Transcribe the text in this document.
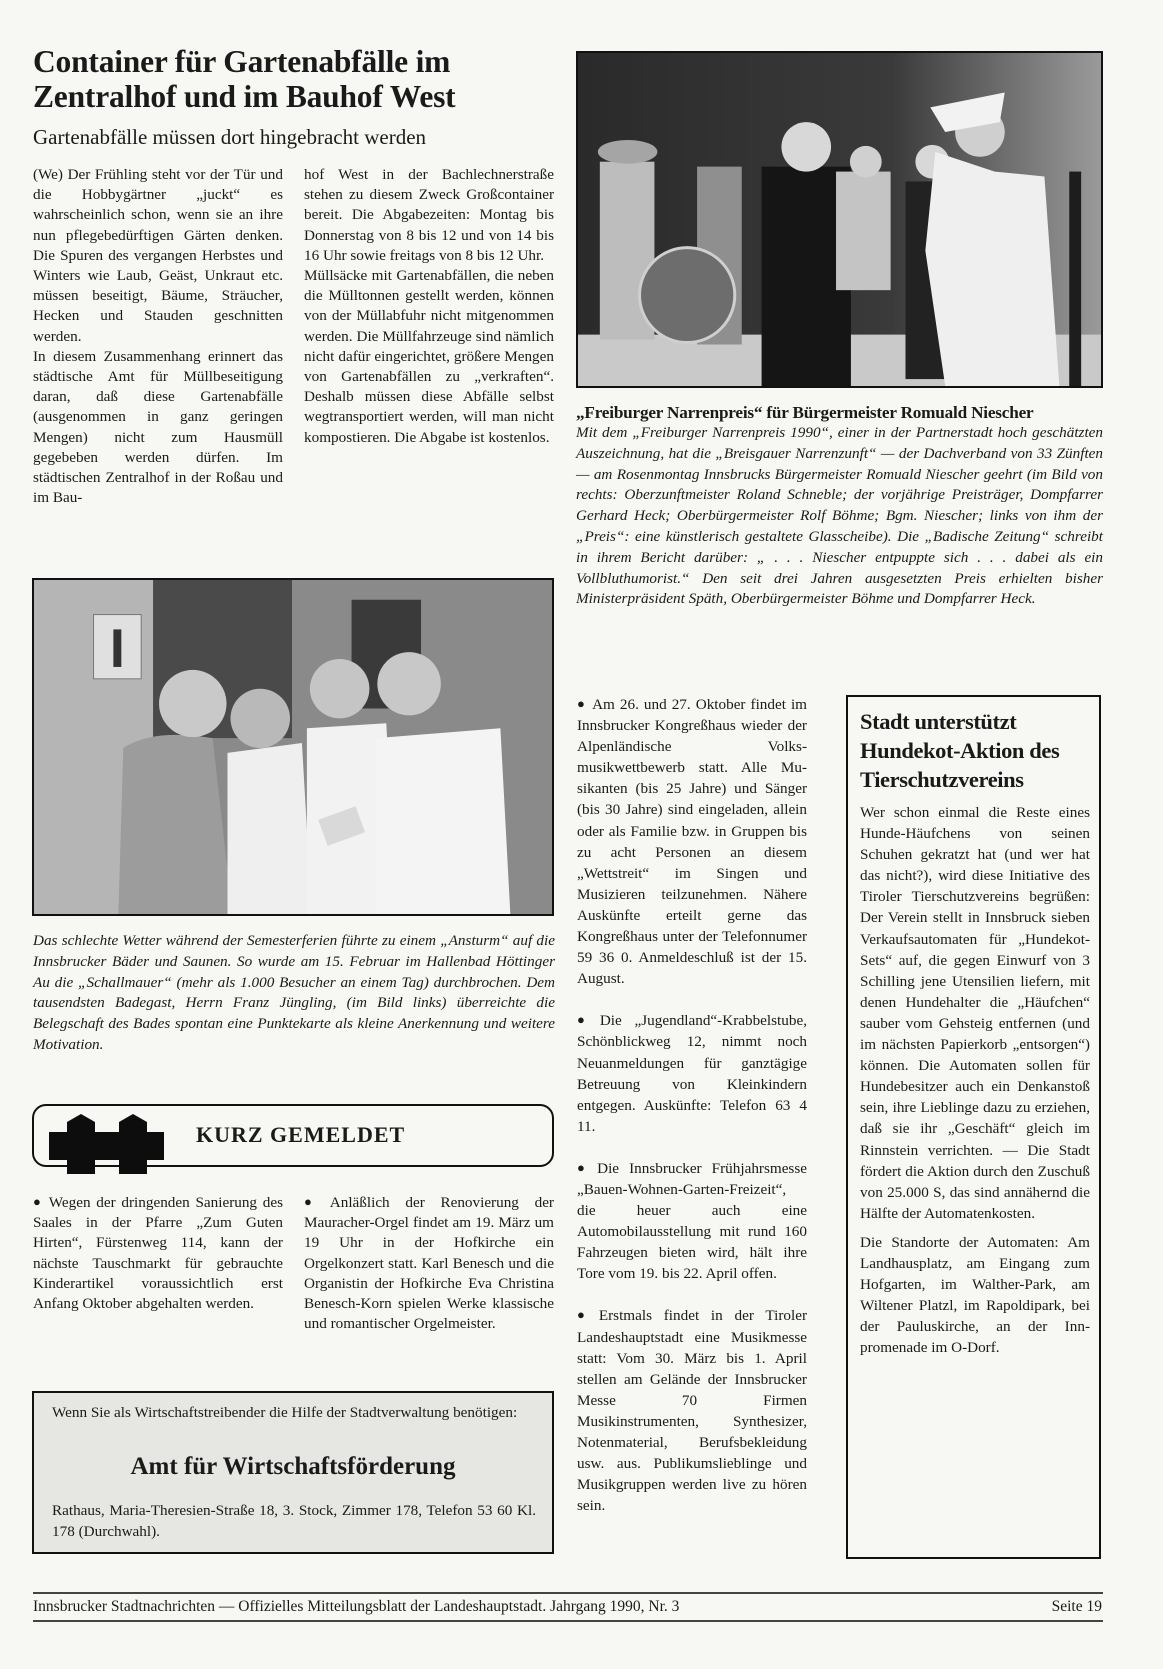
Container für Gartenabfälle im Zentralhof und im Bauhof West
Gartenabfälle müssen dort hingebracht werden

(We) Der Frühling steht vor der Tür und die Hobbygärtner „juckt“ es wahrscheinlich schon, wenn sie an ihre nun pflegebedürftigen Gärten denken. Die Spuren des vergangen Herbstes und Winters wie Laub, Geäst, Unkraut etc. müssen beseitigt, Bäume, Sträucher, Hecken und Stauden geschnitten werden.

In diesem Zusammenhang erinnert das städtische Amt für Müllbeseitigung daran, daß diese Gartenabfälle (ausgenommen in ganz geringen Mengen) nicht zum Hausmüll gegebeben werden dürfen. Im städtischen Zentralhof in der Roßau und im Bau-

hof West in der Bachlechnerstraße stehen zu diesem Zweck Großcontainer bereit. Die Abgabezeiten: Montag bis Donnerstag von 8 bis 12 und von 14 bis 16 Uhr sowie freitags von 8 bis 12 Uhr.

Müllsäcke mit Gartenabfällen, die neben die Mülltonnen gestellt werden, können von der Müllabfuhr nicht mitgenommen werden. Die Müllfahrzeuge sind nämlich nicht dafür eingerichtet, größere Mengen von Gartenabfällen zu „verkraften“. Deshalb müssen diese Abfälle selbst wegtransportiert werden, will man nicht kompostieren. Die Abgabe ist kostenlos.

„Freiburger Narrenpreis“ für Bürgermeister Romuald Niescher
Mit dem „Freiburger Narrenpreis 1990“, einer in der Partnerstadt hoch geschätzten Auszeichnung, hat die „Breisgauer Narrenzunft“ — der Dachverband von 33 Zünften — am Rosenmontag Innsbrucks Bürgermeister Romuald Niescher geehrt (im Bild von rechts: Oberzunftmeister Roland Schneble; der vorjährige Preisträger, Dompfarrer Gerhard Heck; Oberbürgermeister Rolf Böhme; Bgm. Niescher; links von ihm der „Preis“: eine künstlerisch gestaltete Glasscheibe). Die „Badische Zeitung“ schreibt in ihrem Bericht darüber: „ . . . Niescher entpuppte sich . . . dabei als ein Vollbluthumorist.“ Den seit drei Jahren ausgesetzten Preis erhielten bisher Ministerpräsident Späth, Oberbürgermeister Böhme und Dompfarrer Heck.
Das schlechte Wetter während der Semesterferien führte zu einem „Ansturm“ auf die Innsbrucker Bäder und Saunen. So wurde am 15. Februar im Hallenbad Höttinger Au die „Schallmauer“ (mehr als 1.000 Besucher an einem Tag) durchbrochen. Dem tausendsten Badegast, Herrn Franz Jüngling, (im Bild links) überreichte die Belegschaft des Bades spontan eine Punktekarte als kleine Anerkennung und weitere Motivation.
KURZ GEMELDET
● Wegen der dringenden Sanierung des Saales in der Pfarre „Zum Guten Hirten“, Fürstenweg 114, kann der nächste Tauschmarkt für gebrauchte Kinderartikel voraussichtlich erst Anfang Oktober abgehalten werden.
● Anläßlich der Renovierung der Mauracher-Orgel findet am 19. März um 19 Uhr in der Hofkirche ein Orgelkonzert statt. Karl Benesch und die Organistin der Hofkirche Eva Christina Benesch-Korn spielen Werke klassische und romantischer Orgelmeister.
Wenn Sie als Wirtschaftstreibender die Hilfe der Stadtverwaltung benötigen:
Amt für Wirtschaftsförderung
Rathaus, Maria-Theresien-Straße 18, 3. Stock, Zimmer 178, Telefon 53 60 Kl. 178 (Durchwahl).
● Am 26. und 27. Oktober findet im Innsbrucker Kongreßhaus wieder der Alpenländische Volksmusikwettbewerb statt. Alle Musikanten (bis 25 Jahre) und Sänger (bis 30 Jahre) sind eingeladen, allein oder als Familie bzw. in Gruppen bis zu acht Personen an diesem „Wettstreit“ im Singen und Musizieren teilzunehmen. Nähere Auskünfte erteilt gerne das Kongreßhaus unter der Telefonnumer 59 36 0. Anmeldeschluß ist der 15. August.
● Die „Jugendland“-Krabbelstube, Schönblickweg 12, nimmt noch Neuanmeldungen für ganztägige Betreuung von Kleinkindern entgegen. Auskünfte: Telefon 63 4 11.
● Die Innsbrucker Frühjahrsmesse „Bauen-Wohnen-Garten-Freizeit“, die heuer auch eine Automobilausstellung mit rund 160 Fahrzeugen bieten wird, hält ihre Tore vom 19. bis 22. April offen.
● Erstmals findet in der Tiroler Landeshauptstadt eine Musikmesse statt: Vom 30. März bis 1. April stellen am Gelände der Innsbrucker Messe 70 Firmen Musikinstrumenten, Synthesizer, Notenmaterial, Berufsbekleidung usw. aus. Publikumslieblinge und Musikgruppen werden live zu hören sein.
Stadt unterstützt Hundekot-Aktion des Tierschutzvereins

Wer schon einmal die Reste eines Hunde-Häufchens von seinen Schuhen gekratzt hat (und wer hat das nicht?), wird diese Initiative des Tiroler Tierschutzvereins begrüßen: Der Verein stellt in Innsbruck sieben Verkaufsautomaten für „Hundekot-Sets“ auf, die gegen Einwurf von 3 Schilling jene Utensilien liefern, mit denen Hundehalter die „Häufchen“ sauber vom Gehsteig entfernen (und im nächsten Papierkorb „entsorgen“) können. Die Automaten sollen für Hundebesitzer auch ein Denkanstoß sein, ihre Lieblinge dazu zu erziehen, daß sie ihr „Geschäft“ gleich im Rinnstein verrichten. — Die Stadt fördert die Aktion durch den Zuschuß von 25.000 S, das sind annähernd die Hälfte der Automatenkosten.

Die Standorte der Automaten: Am Landhausplatz, am Eingang zum Hofgarten, im Walther-Park, am Wiltener Platzl, im Rapoldipark, bei der Pauluskirche, an der Innpromenade im O-Dorf.

Innsbrucker Stadtnachrichten — Offizielles Mitteilungsblatt der Landeshauptstadt. Jahrgang 1990, Nr. 3	Seite 19
